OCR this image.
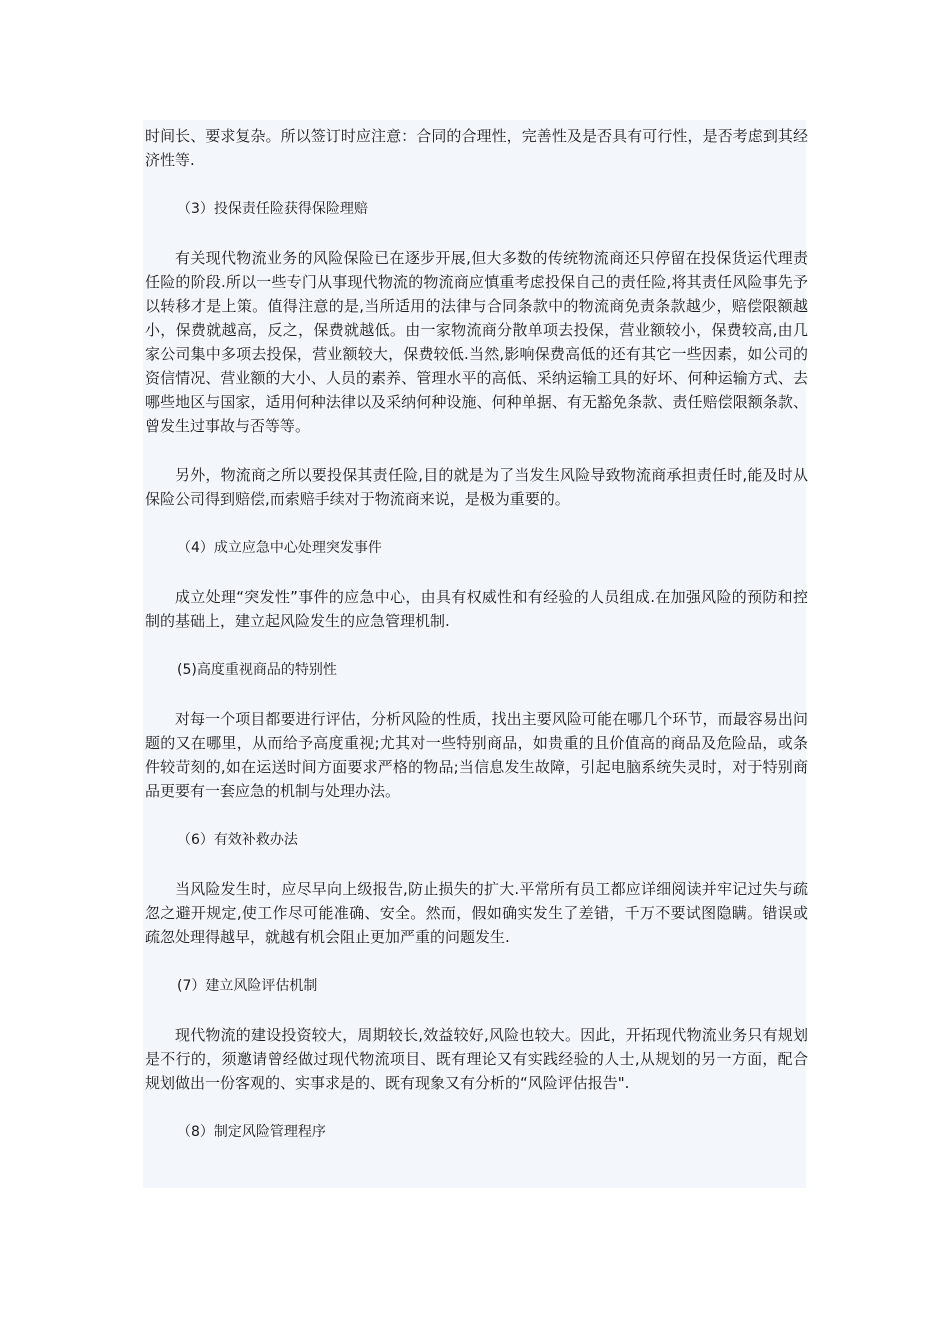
时间长、要求复杂。所以签订时应注意：合同的合理性，完善性及是否具有可行性，是否考虑到其经济性等.

（3）投保责任险获得保险理赔

有关现代物流业务的风险保险已在逐步开展,但大多数的传统物流商还只停留在投保货运代理责任险的阶段.所以一些专门从事现代物流的物流商应慎重考虑投保自己的责任险,将其责任风险事先予以转移才是上策。值得注意的是,当所适用的法律与合同条款中的物流商免责条款越少，赔偿限额越小，保费就越高，反之，保费就越低。由一家物流商分散单项去投保，营业额较小，保费较高,由几家公司集中多项去投保，营业额较大，保费较低.当然,影响保费高低的还有其它一些因素，如公司的资信情况、营业额的大小、人员的素养、管理水平的高低、采纳运输工具的好坏、何种运输方式、去哪些地区与国家，适用何种法律以及采纳何种设施、何种单据、有无豁免条款、责任赔偿限额条款、曾发生过事故与否等等。

另外，物流商之所以要投保其责任险,目的就是为了当发生风险导致物流商承担责任时,能及时从保险公司得到赔偿,而索赔手续对于物流商来说，是极为重要的。

（4）成立应急中心处理突发事件

成立处理“突发性”事件的应急中心，由具有权威性和有经验的人员组成.在加强风险的预防和控制的基础上，建立起风险发生的应急管理机制.

(5)高度重视商品的特别性

对每一个项目都要进行评估，分析风险的性质，找出主要风险可能在哪几个环节，而最容易出问题的又在哪里，从而给予高度重视;尤其对一些特别商品，如贵重的且价值高的商品及危险品，或条件较苛刻的,如在运送时间方面要求严格的物品;当信息发生故障，引起电脑系统失灵时，对于特别商品更要有一套应急的机制与处理办法。

（6）有效补救办法

当风险发生时，应尽早向上级报告,防止损失的扩大.平常所有员工都应详细阅读并牢记过失与疏忽之避开规定,使工作尽可能准确、安全。然而，假如确实发生了差错，千万不要试图隐瞒。错误或疏忽处理得越早，就越有机会阻止更加严重的问题发生.

(7）建立风险评估机制

现代物流的建设投资较大，周期较长,效益较好,风险也较大。因此，开拓现代物流业务只有规划是不行的，须邀请曾经做过现代物流项目、既有理论又有实践经验的人士,从规划的另一方面，配合规划做出一份客观的、实事求是的、既有现象又有分析的“风险评估报告".

（8）制定风险管理程序
